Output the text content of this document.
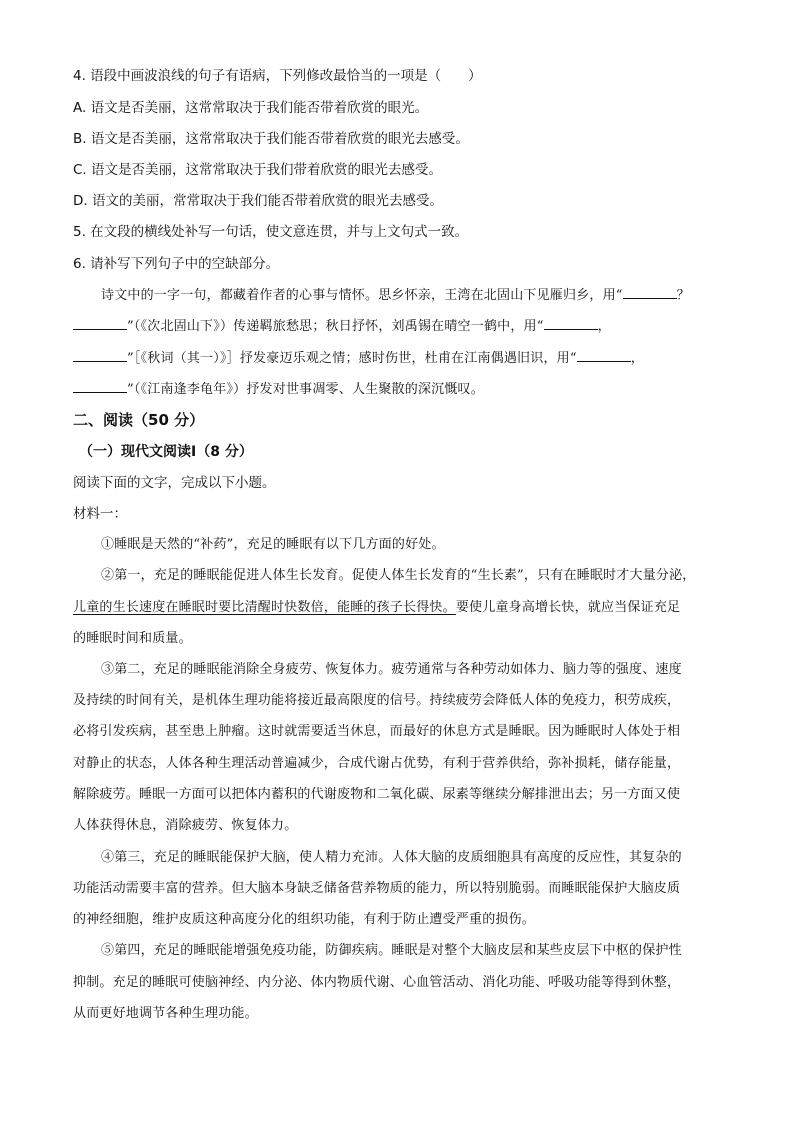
4. 语段中画波浪线的句子有语病，下列修改最恰当的一项是（　　）
A. 语文是否美丽，这常常取决于我们能否带着欣赏的眼光。
B. 语文是否美丽，这常常取决于我们能否带着欣赏的眼光去感受。
C. 语文是否美丽，这常常取决于我们带着欣赏的眼光去感受。
D. 语文的美丽，常常取决于我们能否带着欣赏的眼光去感受。
5. 在文段的横线处补写一句话，使文意连贯，并与上文句式一致。
6. 请补写下列句子中的空缺部分。
诗文中的一字一句，都藏着作者的心事与情怀。思乡怀亲，王湾在北固山下见雁归乡，用“	？
”（《次北固山下》）传递羁旅愁思；秋日抒怀，刘禹锡在晴空一鹤中，用“	，
”［《秋词（其一）》］抒发豪迈乐观之情；感时伤世，杜甫在江南偶遇旧识，用“	，
”（《江南逢李龟年》）抒发对世事凋零、人生聚散的深沉慨叹。
二、阅读（50 分）
（一）现代文阅读Ⅰ（8 分）
阅读下面的文字，完成以下小题。
材料一：
①睡眠是天然的“补药”，充足的睡眠有以下几方面的好处。
②第一，充足的睡眠能促进人体生长发育。促使人体生长发育的“生长素”，只有在睡眠时才大量分泌，
儿童的生长速度在睡眠时要比清醒时快数倍，能睡的孩子长得快。要使儿童身高增长快，就应当保证充足
的睡眠时间和质量。
③第二，充足的睡眠能消除全身疲劳、恢复体力。疲劳通常与各种劳动如体力、脑力等的强度、速度
及持续的时间有关，是机体生理功能将接近最高限度的信号。持续疲劳会降低人体的免疫力，积劳成疾，
必将引发疾病，甚至患上肿瘤。这时就需要适当休息，而最好的休息方式是睡眠。因为睡眠时人体处于相
对静止的状态，人体各种生理活动普遍减少，合成代谢占优势，有利于营养供给，弥补损耗，储存能量，
解除疲劳。睡眠一方面可以把体内蓄积的代谢废物和二氧化碳、尿素等继续分解排泄出去；另一方面又使
人体获得休息，消除疲劳、恢复体力。
④第三，充足的睡眠能保护大脑，使人精力充沛。人体大脑的皮质细胞具有高度的反应性，其复杂的
功能活动需要丰富的营养。但大脑本身缺乏储备营养物质的能力，所以特别脆弱。而睡眠能保护大脑皮质
的神经细胞，维护皮质这种高度分化的组织功能，有利于防止遭受严重的损伤。
⑤第四，充足的睡眠能增强免疫功能，防御疾病。睡眠是对整个大脑皮层和某些皮层下中枢的保护性
抑制。充足的睡眠可使脑神经、内分泌、体内物质代谢、心血管活动、消化功能、呼吸功能等得到休整，
从而更好地调节各种生理功能。
